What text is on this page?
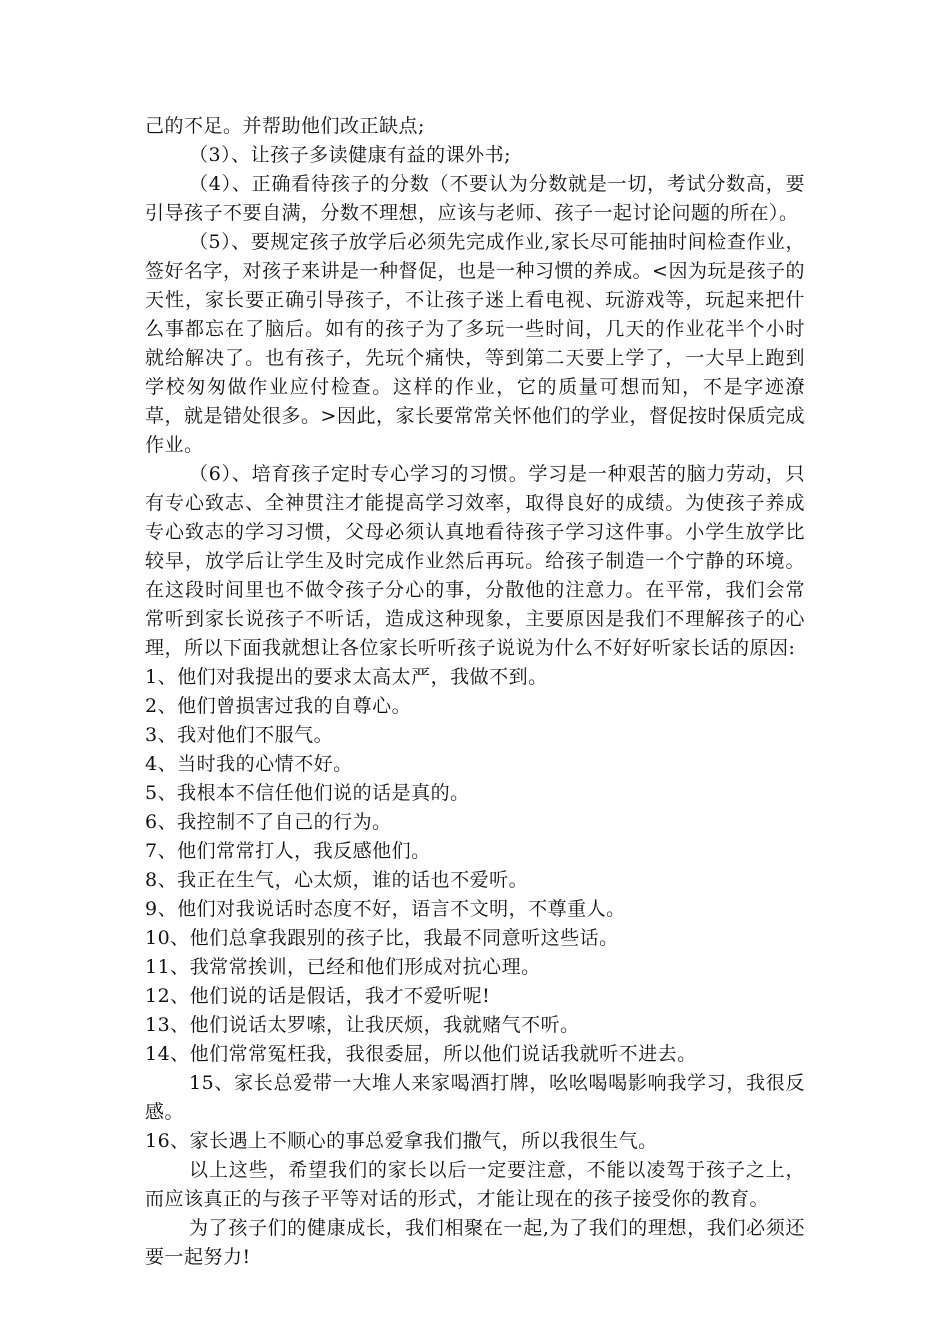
己的不足。并帮助他们改正缺点;

（3）、让孩子多读健康有益的课外书;

（4）、正确看待孩子的分数（不要认为分数就是一切，考试分数高，要引导孩子不要自满，分数不理想，应该与老师、孩子一起讨论问题的所在）。

（5）、要规定孩子放学后必须先完成作业,家长尽可能抽时间检查作业，签好名字，对孩子来讲是一种督促，也是一种习惯的养成。<因为玩是孩子的天性，家长要正确引导孩子，不让孩子迷上看电视、玩游戏等，玩起来把什么事都忘在了脑后。如有的孩子为了多玩一些时间，几天的作业花半个小时就给解决了。也有孩子，先玩个痛快，等到第二天要上学了，一大早上跑到学校匆匆做作业应付检查。这样的作业，它的质量可想而知，不是字迹潦草，就是错处很多。>因此，家长要常常关怀他们的学业，督促按时保质完成作业。

（6）、培育孩子定时专心学习的习惯。学习是一种艰苦的脑力劳动，只有专心致志、全神贯注才能提高学习效率，取得良好的成绩。为使孩子养成专心致志的学习习惯，父母必须认真地看待孩子学习这件事。小学生放学比较早，放学后让学生及时完成作业然后再玩。给孩子制造一个宁静的环境。在这段时间里也不做令孩子分心的事，分散他的注意力。在平常，我们会常常听到家长说孩子不听话，造成这种现象，主要原因是我们不理解孩子的心理，所以下面我就想让各位家长听听孩子说说为什么不好好听家长话的原因:

1、他们对我提出的要求太高太严，我做不到。

2、他们曾损害过我的自尊心。

3、我对他们不服气。

4、当时我的心情不好。

5、我根本不信任他们说的话是真的。

6、我控制不了自己的行为。

7、他们常常打人，我反感他们。

8、我正在生气，心太烦，谁的话也不爱听。

9、他们对我说话时态度不好，语言不文明，不尊重人。

10、他们总拿我跟别的孩子比，我最不同意听这些话。

11、我常常挨训，已经和他们形成对抗心理。

12、他们说的话是假话，我才不爱听呢!

13、他们说话太罗嗦，让我厌烦，我就赌气不听。

14、他们常常冤枉我，我很委屈，所以他们说话我就听不进去。

15、家长总爱带一大堆人来家喝酒打牌，吆吆喝喝影响我学习，我很反感。

16、家长遇上不顺心的事总爱拿我们撒气，所以我很生气。

以上这些，希望我们的家长以后一定要注意，不能以凌驾于孩子之上，而应该真正的与孩子平等对话的形式，才能让现在的孩子接受你的教育。

为了孩子们的健康成长，我们相聚在一起,为了我们的理想，我们必须还要一起努力!
